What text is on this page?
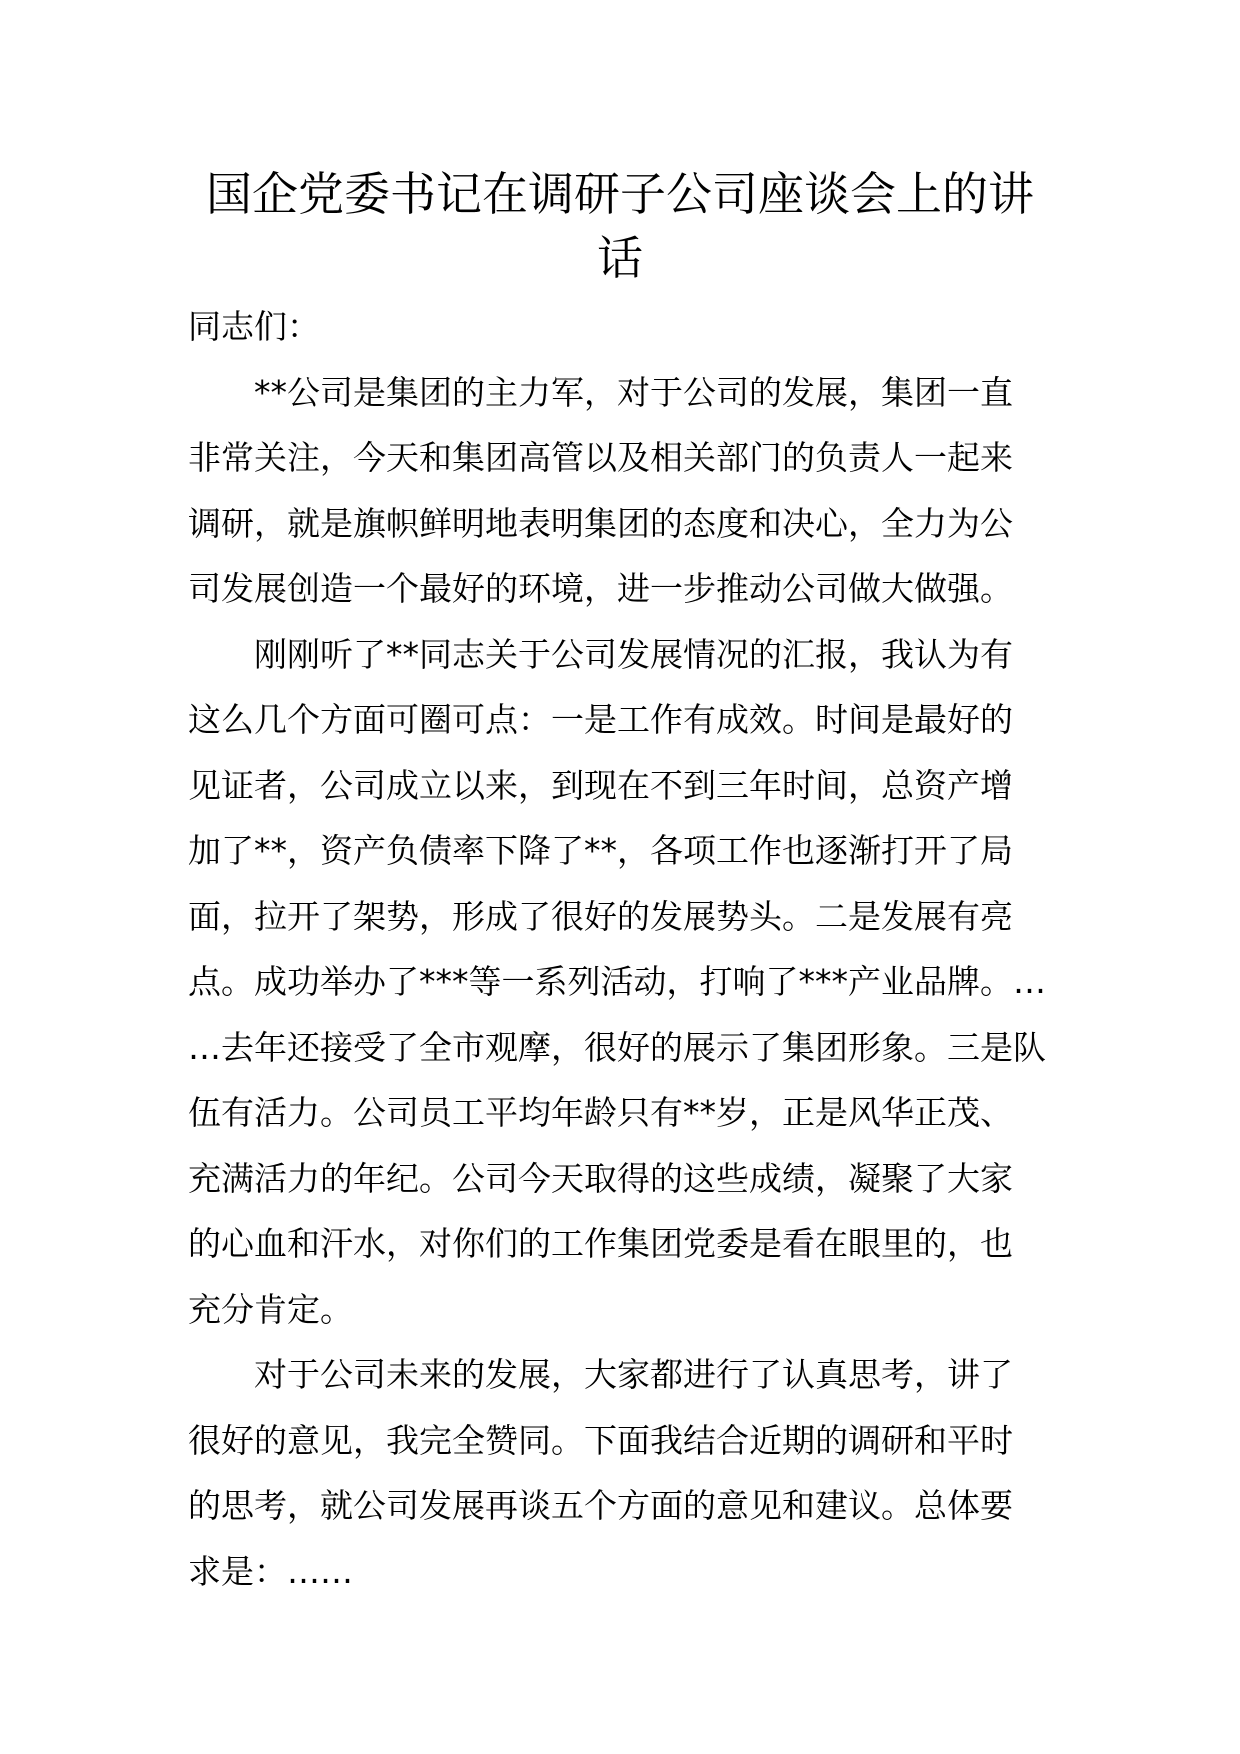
国企党委书记在调研子公司座谈会上的讲
话
同志们：
**公司是集团的主力军，对于公司的发展，集团一直
非常关注，今天和集团高管以及相关部门的负责人一起来
调研，就是旗帜鲜明地表明集团的态度和决心，全力为公
司发展创造一个最好的环境，进一步推动公司做大做强。
刚刚听了**同志关于公司发展情况的汇报，我认为有
这么几个方面可圈可点：一是工作有成效。时间是最好的
见证者，公司成立以来，到现在不到三年时间，总资产增
加了**，资产负债率下降了**，各项工作也逐渐打开了局
面，拉开了架势，形成了很好的发展势头。二是发展有亮
点。成功举办了***等一系列活动，打响了***产业品牌。…
…去年还接受了全市观摩，很好的展示了集团形象。三是队
伍有活力。公司员工平均年龄只有**岁，正是风华正茂、
充满活力的年纪。公司今天取得的这些成绩，凝聚了大家
的心血和汗水，对你们的工作集团党委是看在眼里的，也
充分肯定。
对于公司未来的发展，大家都进行了认真思考，讲了
很好的意见，我完全赞同。下面我结合近期的调研和平时
的思考，就公司发展再谈五个方面的意见和建议。总体要
求是：……
